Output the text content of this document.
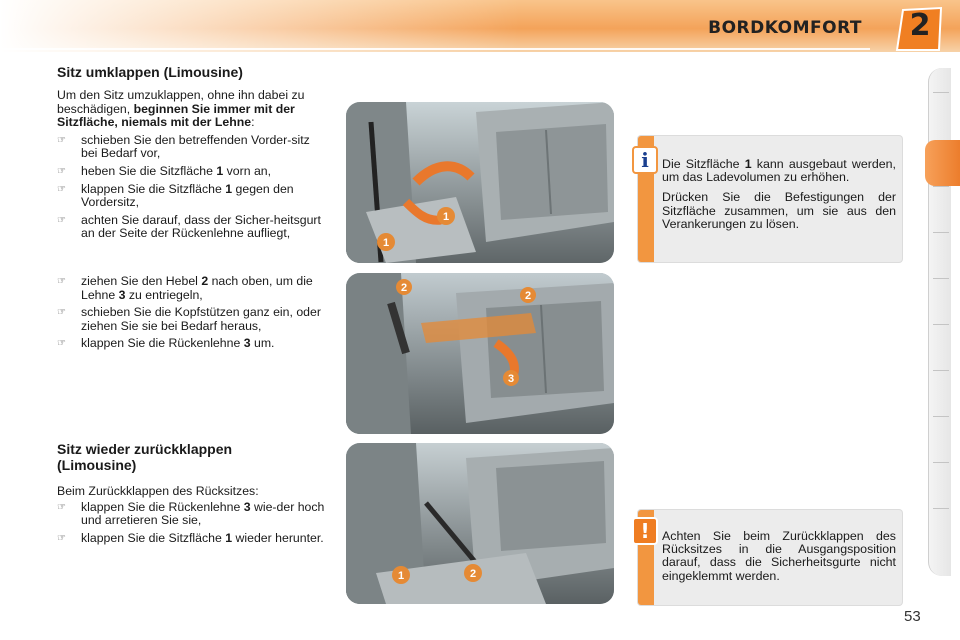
BORDKOMFORT	2

Sitz umklappen (Limousine)

Um den Sitz umzuklappen, ohne ihn dabei zu beschädigen, beginnen Sie immer mit der Sitzfläche, niemals mit der Lehne:

☞ schieben Sie den betreffenden Vorder-sitz bei Bedarf vor,

☞ heben Sie die Sitzfläche 1 vorn an,

☞ klappen Sie die Sitzfläche 1 gegen den Vordersitz,

☞ achten Sie darauf, dass der Sicher-heitsgurt an der Seite der Rückenlehne aufliegt,

☞ ziehen Sie den Hebel 2 nach oben, um die Lehne 3 zu entriegeln,

☞ schieben Sie die Kopfstützen ganz ein, oder ziehen Sie sie bei Bedarf heraus,

☞ klappen Sie die Rückenlehne 3 um.

Sitz wieder zurückklappen (Limousine)

Beim Zurückklappen des Rücksitzes:

☞ klappen Sie die Rückenlehne 3 wie-der hoch und arretieren Sie sie,

☞ klappen Sie die Sitzfläche 1 wieder herunter.

1
1
2
2
3
1	2

Die Sitzfläche 1 kann ausgebaut werden, um das Ladevolumen zu erhöhen.

Drücken Sie die Befestigungen der Sitzfläche zusammen, um sie aus den Verankerungen zu lösen.

i
Achten Sie beim Zurückklappen des Rücksitzes in die Ausgangsposition darauf, dass die Sicherheitsgurte nicht eingeklemmt werden.
!
53
